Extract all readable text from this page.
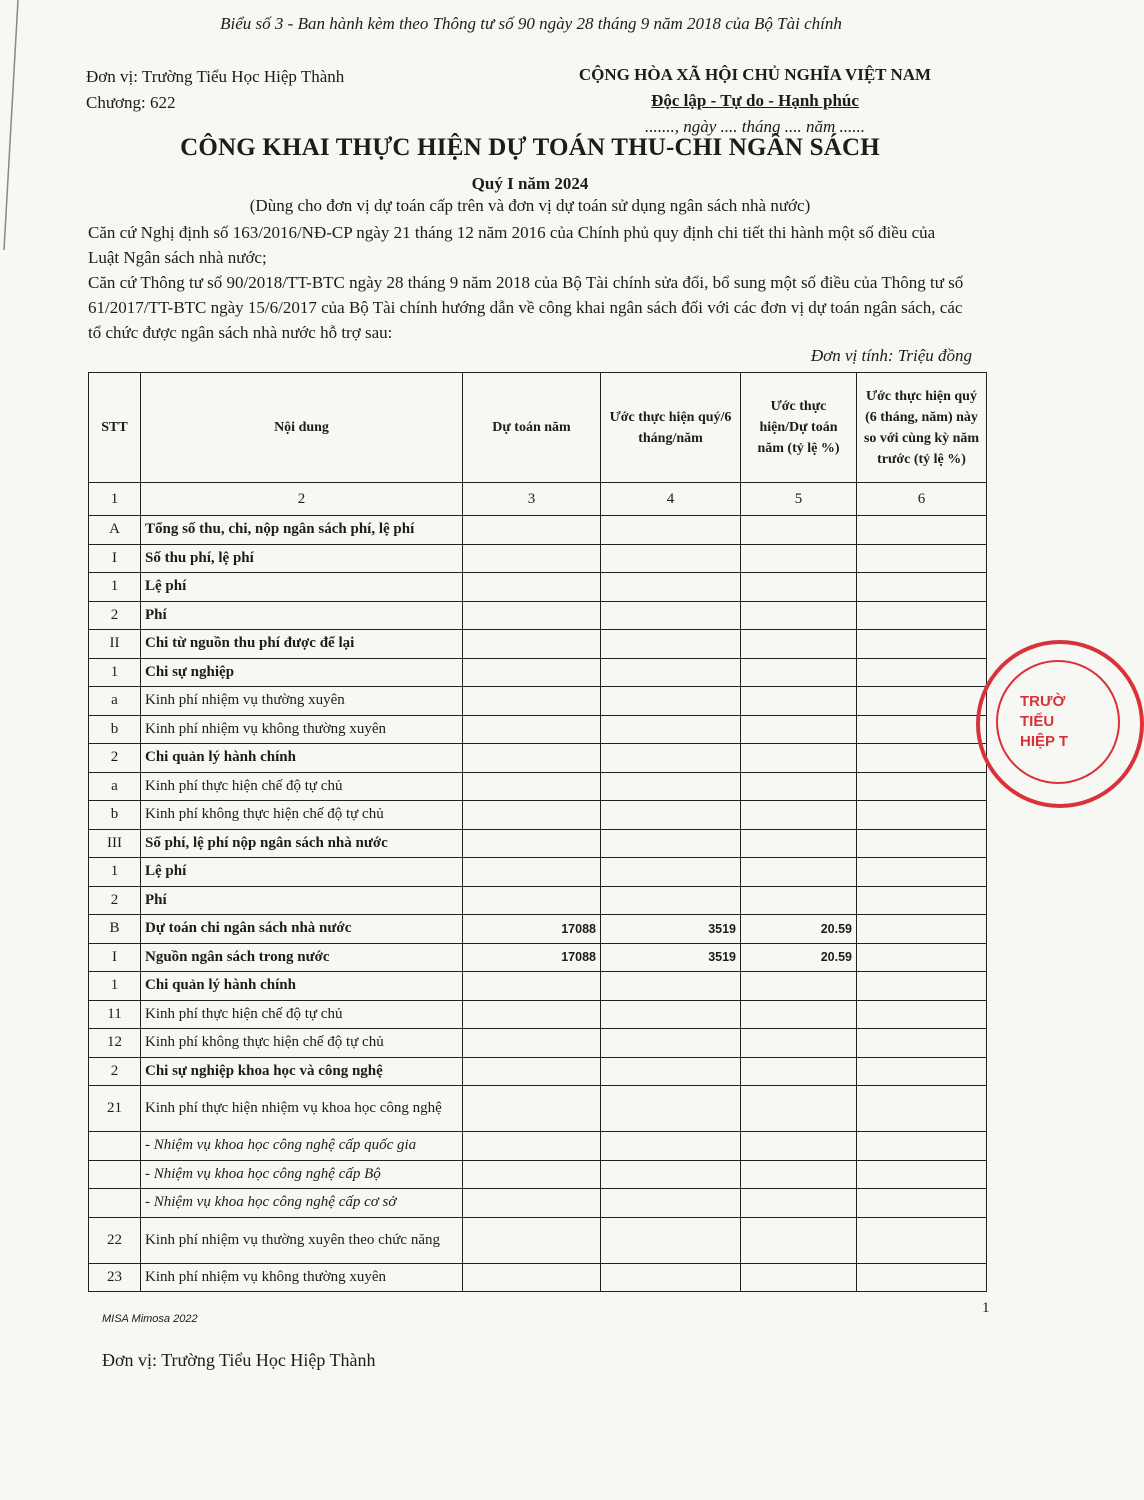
Biểu số 3 - Ban hành kèm theo Thông tư số 90 ngày 28 tháng 9 năm 2018 của Bộ Tài chính
Đơn vị: Trường Tiểu Học Hiệp Thành
Chương: 622
CỘNG HÒA XÃ HỘI CHỦ NGHĨA VIỆT NAM
Độc lập - Tự do - Hạnh phúc
......., ngày .... tháng .... năm ......
CÔNG KHAI THỰC HIỆN DỰ TOÁN THU-CHI NGÂN SÁCH
Quý I năm 2024
(Dùng cho đơn vị dự toán cấp trên và đơn vị dự toán sử dụng ngân sách nhà nước)
Căn cứ Nghị định số 163/2016/NĐ-CP ngày 21 tháng 12 năm 2016 của Chính phủ quy định chi tiết thi hành một số điều của Luật Ngân sách nhà nước;
Căn cứ Thông tư số 90/2018/TT-BTC ngày 28 tháng 9 năm 2018 của Bộ Tài chính sửa đổi, bổ sung một số điều của Thông tư số 61/2017/TT-BTC ngày 15/6/2017 của Bộ Tài chính hướng dẫn về công khai ngân sách đối với các đơn vị dự toán ngân sách, các tổ chức được ngân sách nhà nước hỗ trợ sau:
Đơn vị tính: Triệu đồng
STT	Nội dung	Dự toán năm	Ước thực hiện quý/6 tháng/năm	Ước thực hiện/Dự toán năm (tỷ lệ %)	Ước thực hiện quý (6 tháng, năm) này so với cùng kỳ năm trước (tỷ lệ %)
1	2	3	4	5	6
A	Tổng số thu, chi, nộp ngân sách phí, lệ phí				
I	Số thu phí, lệ phí				
1	Lệ phí				
2	Phí				
II	Chi từ nguồn thu phí được để lại				
1	Chi sự nghiệp				
a	Kinh phí nhiệm vụ thường xuyên				
b	Kinh phí nhiệm vụ không thường xuyên				
2	Chi quản lý hành chính				
a	Kinh phí thực hiện chế độ tự chủ				
b	Kinh phí không thực hiện chế độ tự chủ				
III	Số phí, lệ phí nộp ngân sách nhà nước				
1	Lệ phí				
2	Phí				
B	Dự toán chi ngân sách nhà nước	17088	3519	20.59	
I	Nguồn ngân sách trong nước	17088	3519	20.59	
1	Chi quản lý hành chính				
11	Kinh phí thực hiện chế độ tự chủ				
12	Kinh phí không thực hiện chế độ tự chủ				
2	Chi sự nghiệp khoa học và công nghệ				
21	Kinh phí thực hiện nhiệm vụ khoa học công nghệ				
	- Nhiệm vụ khoa học công nghệ cấp quốc gia				
	- Nhiệm vụ khoa học công nghệ cấp Bộ				
	- Nhiệm vụ khoa học công nghệ cấp cơ sở				
22	Kinh phí nhiệm vụ thường xuyên theo chức năng				
23	Kinh phí nhiệm vụ không thường xuyên				
MISA Mimosa 2022
1
Đơn vị: Trường Tiểu Học Hiệp Thành
TRƯỜ
TIỂU
HIỆP T
